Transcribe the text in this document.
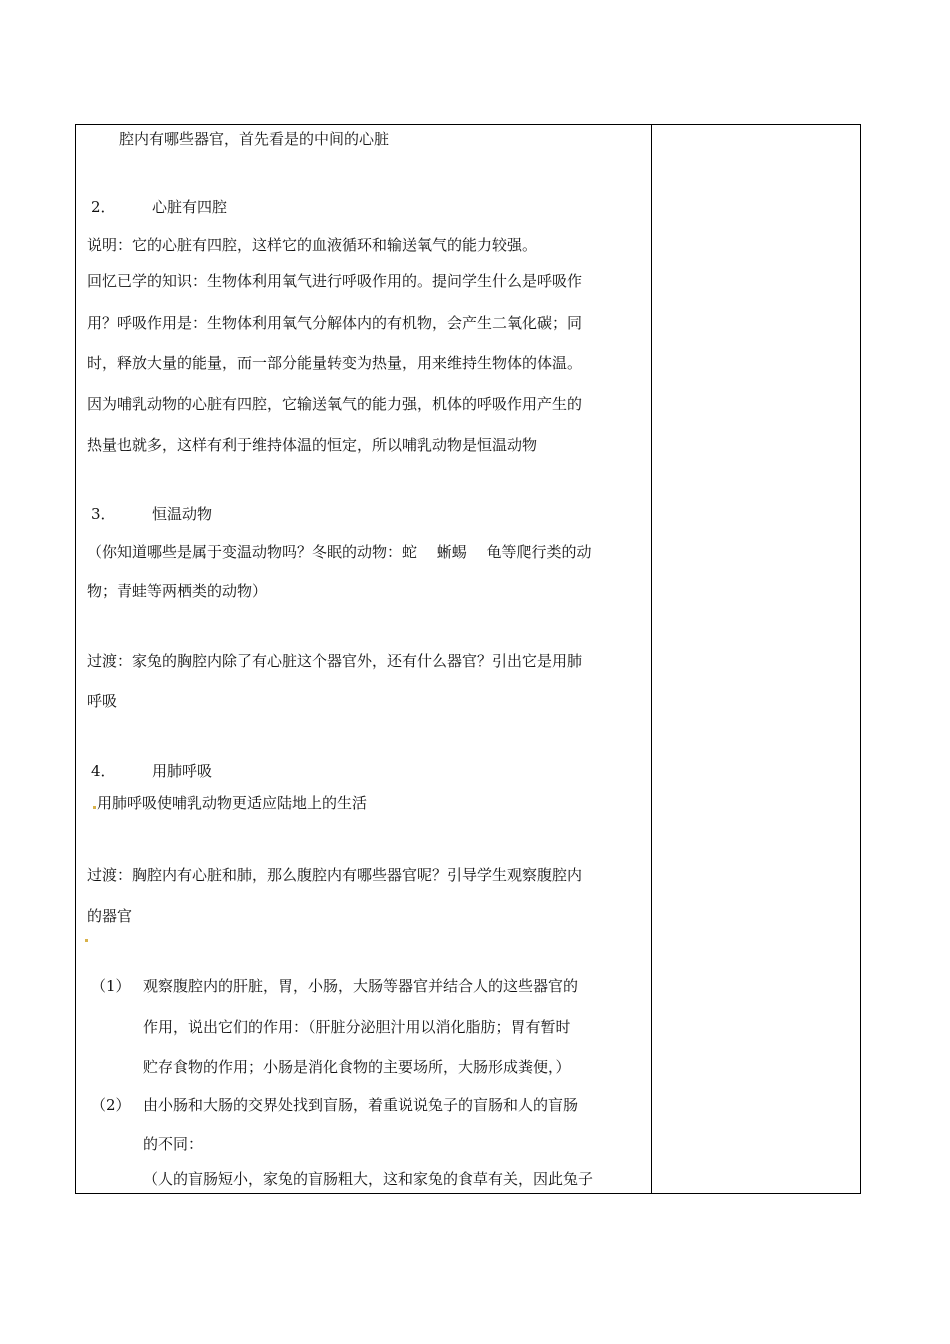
腔内有哪些器官，首先看是的中间的心脏
2． 心脏有四腔
说明：它的心脏有四腔，这样它的血液循环和输送氧气的能力较强。
回忆已学的知识：生物体利用氧气进行呼吸作用的。提问学生什么是呼吸作
用？呼吸作用是：生物体利用氧气分解体内的有机物，会产生二氧化碳；同
时，释放大量的能量，而一部分能量转变为热量，用来维持生物体的体温。
因为哺乳动物的心脏有四腔，它输送氧气的能力强，机体的呼吸作用产生的
热量也就多，这样有利于维持体温的恒定，所以哺乳动物是恒温动物
3． 恒温动物
（你知道哪些是属于变温动物吗？冬眠的动物：蛇　 蜥蜴　 龟等爬行类的动
物；青蛙等两栖类的动物）
过渡：家兔的胸腔内除了有心脏这个器官外，还有什么器官？引出它是用肺
呼吸
4． 用肺呼吸
用肺呼吸使哺乳动物更适应陆地上的生活
过渡：胸腔内有心脏和肺，那么腹腔内有哪些器官呢？引导学生观察腹腔内
的器官
（1） 观察腹腔内的肝脏，胃，小肠，大肠等器官并结合人的这些器官的
作用，说出它们的作用：（肝脏分泌胆汁用以消化脂肪；胃有暂时
贮存食物的作用；小肠是消化食物的主要场所，大肠形成粪便，）
（2） 由小肠和大肠的交界处找到盲肠，着重说说兔子的盲肠和人的盲肠
的不同：
（人的盲肠短小，家兔的盲肠粗大，这和家兔的食草有关，因此兔子
